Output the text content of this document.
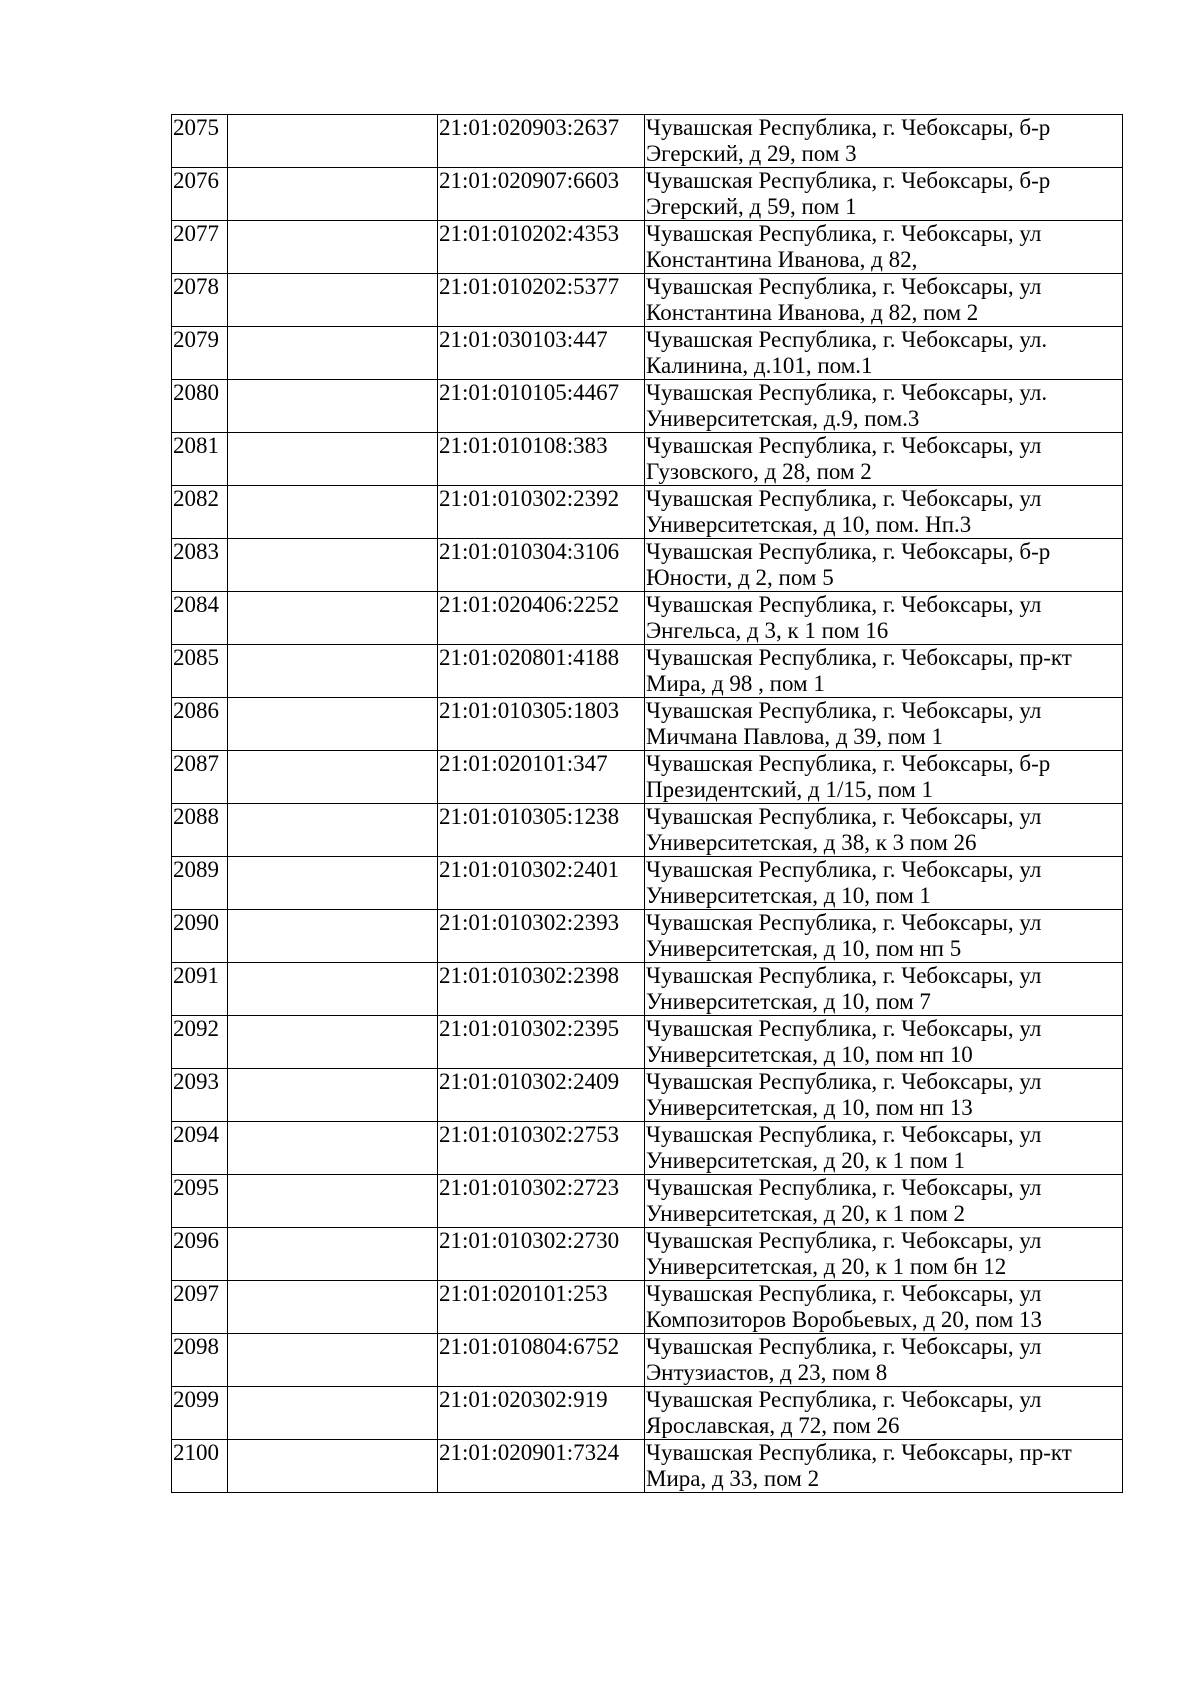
2075		21:01:020903:2637	Чувашская Республика, г. Чебоксары, б-р Эгерский, д 29, пом 3
2076		21:01:020907:6603	Чувашская Республика, г. Чебоксары, б-р Эгерский, д 59, пом 1
2077		21:01:010202:4353	Чувашская Республика, г. Чебоксары, ул Константина Иванова, д 82,
2078		21:01:010202:5377	Чувашская Республика, г. Чебоксары, ул Константина Иванова, д 82, пом 2
2079		21:01:030103:447	Чувашская Республика, г. Чебоксары, ул. Калинина, д.101, пом.1
2080		21:01:010105:4467	Чувашская Республика, г. Чебоксары, ул. Университетская, д.9, пом.3
2081		21:01:010108:383	Чувашская Республика, г. Чебоксары, ул Гузовского, д 28, пом 2
2082		21:01:010302:2392	Чувашская Республика, г. Чебоксары, ул Университетская, д 10, пом. Нп.3
2083		21:01:010304:3106	Чувашская Республика, г. Чебоксары, б-р Юности, д 2, пом 5
2084		21:01:020406:2252	Чувашская Республика, г. Чебоксары, ул Энгельса, д 3, к 1 пом 16
2085		21:01:020801:4188	Чувашская Республика, г. Чебоксары, пр-кт Мира, д 98 , пом 1
2086		21:01:010305:1803	Чувашская Республика, г. Чебоксары, ул Мичмана Павлова, д 39, пом 1
2087		21:01:020101:347	Чувашская Республика, г. Чебоксары, б-р Президентский, д 1/15, пом 1
2088		21:01:010305:1238	Чувашская Республика, г. Чебоксары, ул Университетская, д 38, к 3 пом 26
2089		21:01:010302:2401	Чувашская Республика, г. Чебоксары, ул Университетская, д 10, пом 1
2090		21:01:010302:2393	Чувашская Республика, г. Чебоксары, ул Университетская, д 10, пом нп 5
2091		21:01:010302:2398	Чувашская Республика, г. Чебоксары, ул Университетская, д 10, пом 7
2092		21:01:010302:2395	Чувашская Республика, г. Чебоксары, ул Университетская, д 10, пом нп 10
2093		21:01:010302:2409	Чувашская Республика, г. Чебоксары, ул Университетская, д 10, пом нп 13
2094		21:01:010302:2753	Чувашская Республика, г. Чебоксары, ул Университетская, д 20, к 1 пом 1
2095		21:01:010302:2723	Чувашская Республика, г. Чебоксары, ул Университетская, д 20, к 1 пом 2
2096		21:01:010302:2730	Чувашская Республика, г. Чебоксары, ул Университетская, д 20, к 1 пом бн 12
2097		21:01:020101:253	Чувашская Республика, г. Чебоксары, ул Композиторов Воробьевых, д 20, пом 13
2098		21:01:010804:6752	Чувашская Республика, г. Чебоксары, ул Энтузиастов, д 23, пом 8
2099		21:01:020302:919	Чувашская Республика, г. Чебоксары, ул Ярославская, д 72, пом 26
2100		21:01:020901:7324	Чувашская Республика, г. Чебоксары, пр-кт Мира, д 33, пом 2
